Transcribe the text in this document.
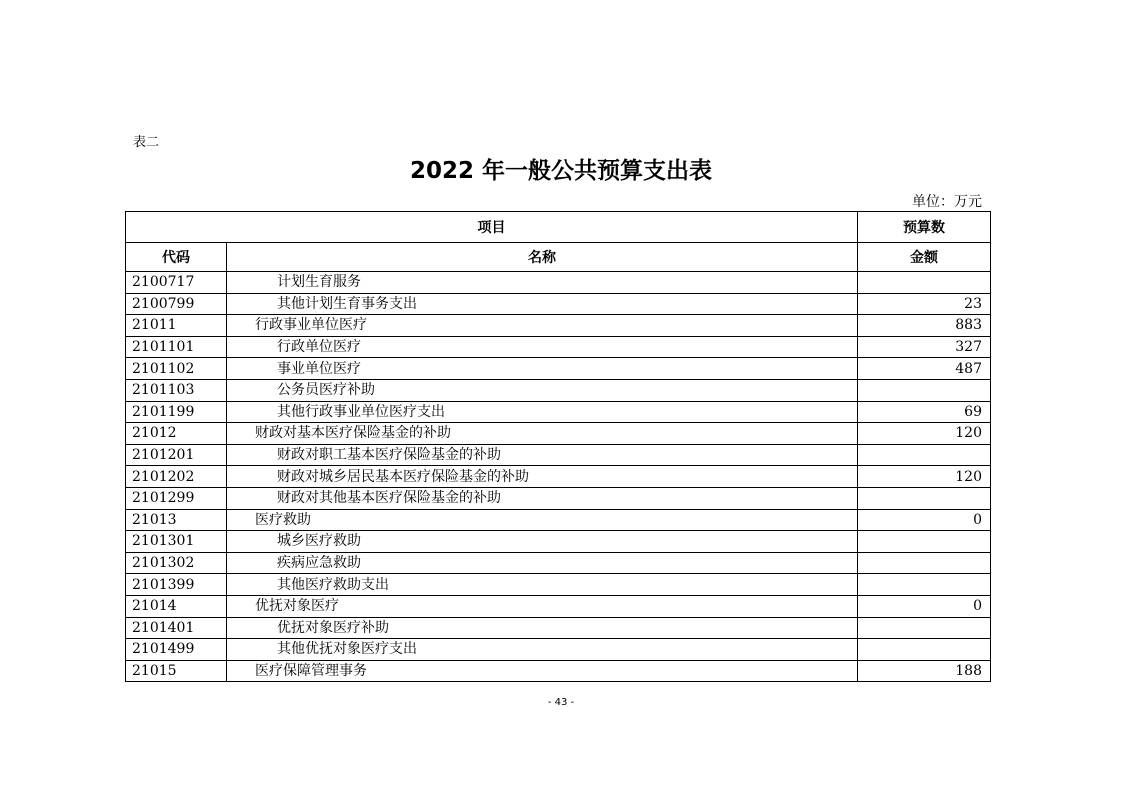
表二
2022 年一般公共预算支出表
单位：万元
项目		预算数
代码	名称	金额
2100717	计划生育服务	
2100799	其他计划生育事务支出	23
21011	行政事业单位医疗	883
2101101	行政单位医疗	327
2101102	事业单位医疗	487
2101103	公务员医疗补助	
2101199	其他行政事业单位医疗支出	69
21012	财政对基本医疗保险基金的补助	120
2101201	财政对职工基本医疗保险基金的补助	
2101202	财政对城乡居民基本医疗保险基金的补助	120
2101299	财政对其他基本医疗保险基金的补助	
21013	医疗救助	0
2101301	城乡医疗救助	
2101302	疾病应急救助	
2101399	其他医疗救助支出	
21014	优抚对象医疗	0
2101401	优抚对象医疗补助	
2101499	其他优抚对象医疗支出	
21015	医疗保障管理事务	188
- 43 -
